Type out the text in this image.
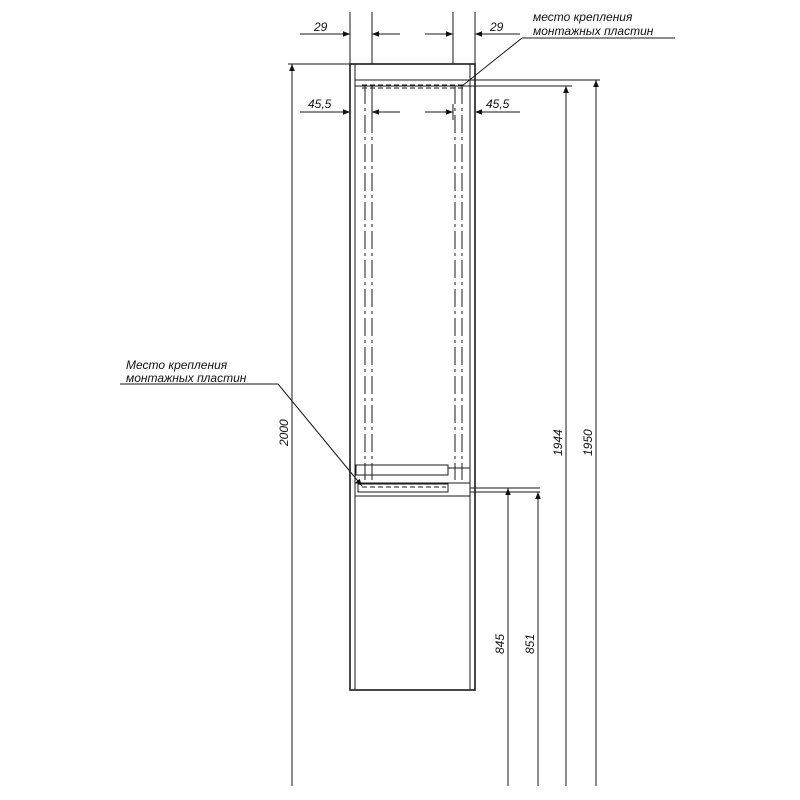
29	29
45,5	45,5
2000	1944 1950
845 851
место крепления
монтажных пластин
Место крепления
монтажных пластин
